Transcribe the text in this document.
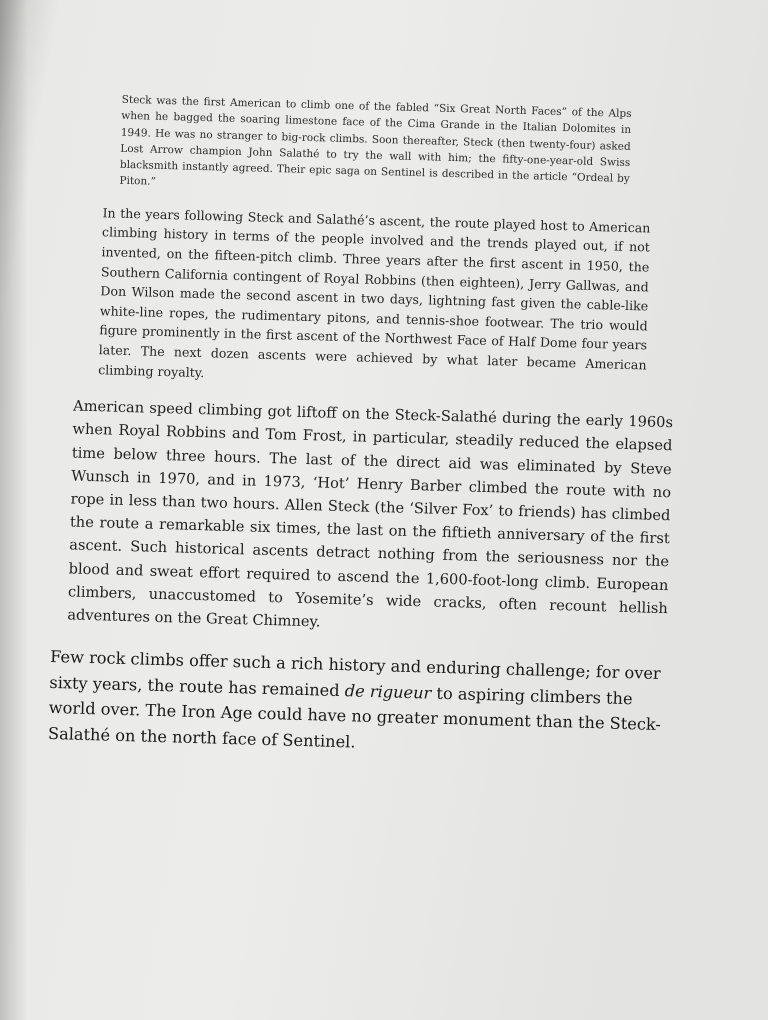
Steck was the first American to climb one of the fabled “Six Great North Faces” of the Alps when he bagged the soaring limestone face of the Cima Grande in the Italian Dolomites in 1949. He was no stranger to big-rock climbs. Soon thereafter, Steck (then twenty-four) asked Lost Arrow champion John Salathé to try the wall with him; the fifty-one-year-old Swiss blacksmith instantly agreed. Their epic saga on Sentinel is described in the article “Ordeal by Piton.”

In the years following Steck and Salathé’s ascent, the route played host to American climbing history in terms of the people involved and the trends played out, if not invented, on the fifteen-pitch climb. Three years after the first ascent in 1950, the Southern California contingent of Royal Robbins (then eighteen), Jerry Gallwas, and Don Wilson made the second ascent in two days, lightning fast given the cable-like white-line ropes, the rudimentary pitons, and tennis-shoe footwear. The trio would figure prominently in the first ascent of the Northwest Face of Half Dome four years later. The next dozen ascents were achieved by what later became American climbing royalty.

American speed climbing got liftoff on the Steck-Salathé during the early 1960s when Royal Robbins and Tom Frost, in particular, steadily reduced the elapsed time below three hours. The last of the direct aid was eliminated by Steve Wunsch in 1970, and in 1973, ‘Hot’ Henry Barber climbed the route with no rope in less than two hours. Allen Steck (the ‘Silver Fox’ to friends) has climbed the route a remarkable six times, the last on the fiftieth anniversary of the first ascent. Such historical ascents detract nothing from the seriousness nor the blood and sweat effort required to ascend the 1,600-foot-long climb. European climbers, unaccustomed to Yosemite’s wide cracks, often recount hellish adventures on the Great Chimney.

Few rock climbs offer such a rich history and enduring challenge; for over sixty years, the route has remained de rigueur to aspiring climbers the world over. The Iron Age could have no greater monument than the Steck-Salathé on the north face of Sentinel.
